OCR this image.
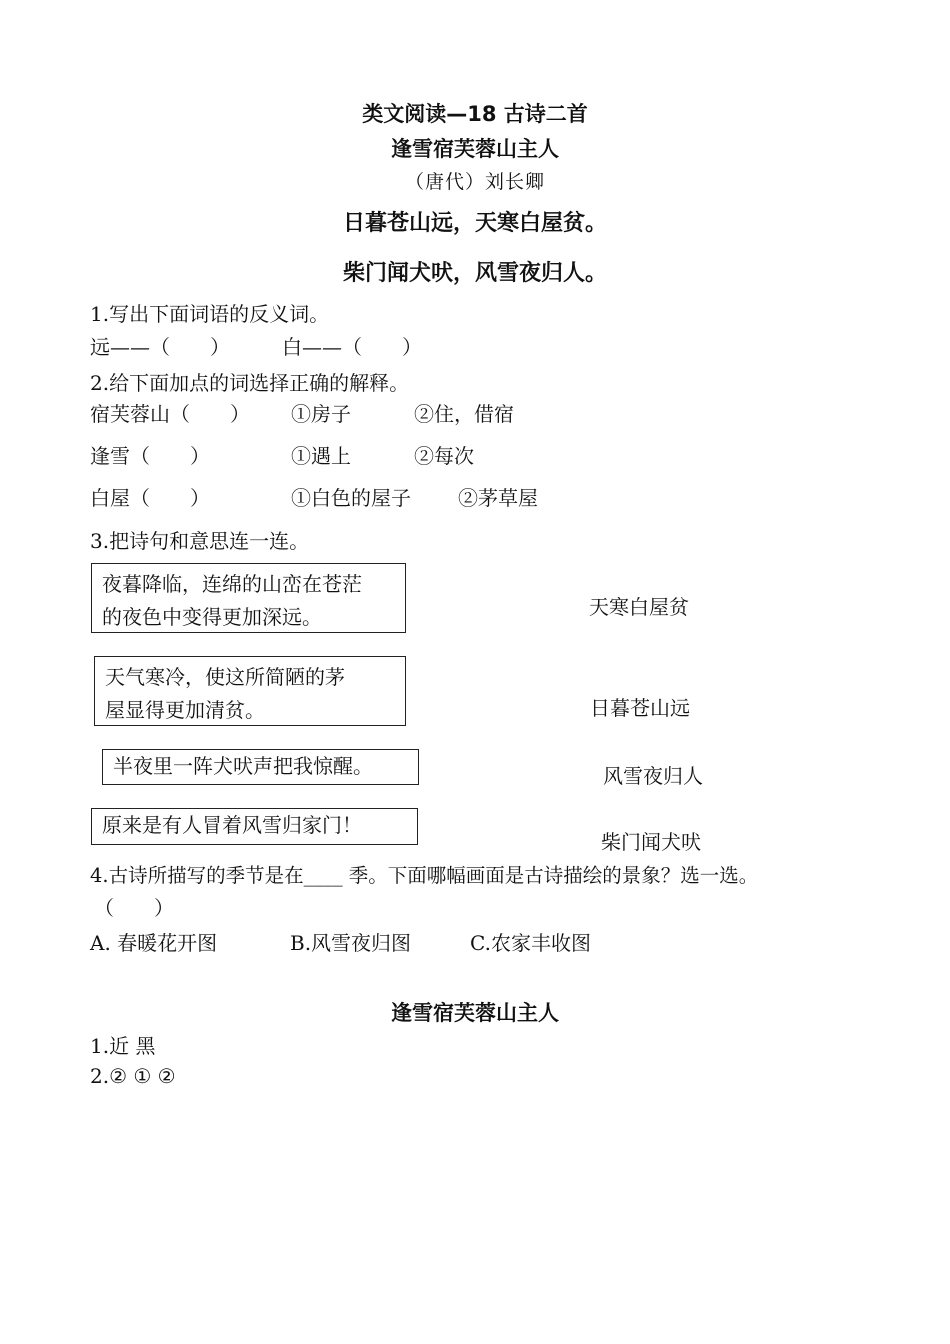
类文阅读—18 古诗二首
逢雪宿芙蓉山主人
（唐代）刘长卿
日暮苍山远，天寒白屋贫。
柴门闻犬吠，风雪夜归人。
1.写出下面词语的反义词。
远——（　　）	白——（　　）
2.给下面加点的词选择正确的解释。
宿芙蓉山（　　） ①房子	②住，借宿
逢雪（　　）	①遇上	②每次
白屋（　　）	①白色的屋子 ②茅草屋
3.把诗句和意思连一连。
夜暮降临，连绵的山峦在苍茫
的夜色中变得更加深远。
天气寒冷，使这所简陋的茅
屋显得更加清贫。
半夜里一阵犬吠声把我惊醒。
原来是有人冒着风雪归家门！
天寒白屋贫
日暮苍山远
风雪夜归人
柴门闻犬吠
4.古诗所描写的季节是在____ 季。下面哪幅画面是古诗描绘的景象？选一选。
（　　）
A. 春暖花开图	B.风雪夜归图	C.农家丰收图
逢雪宿芙蓉山主人
1.近 黑
2.② ① ②
